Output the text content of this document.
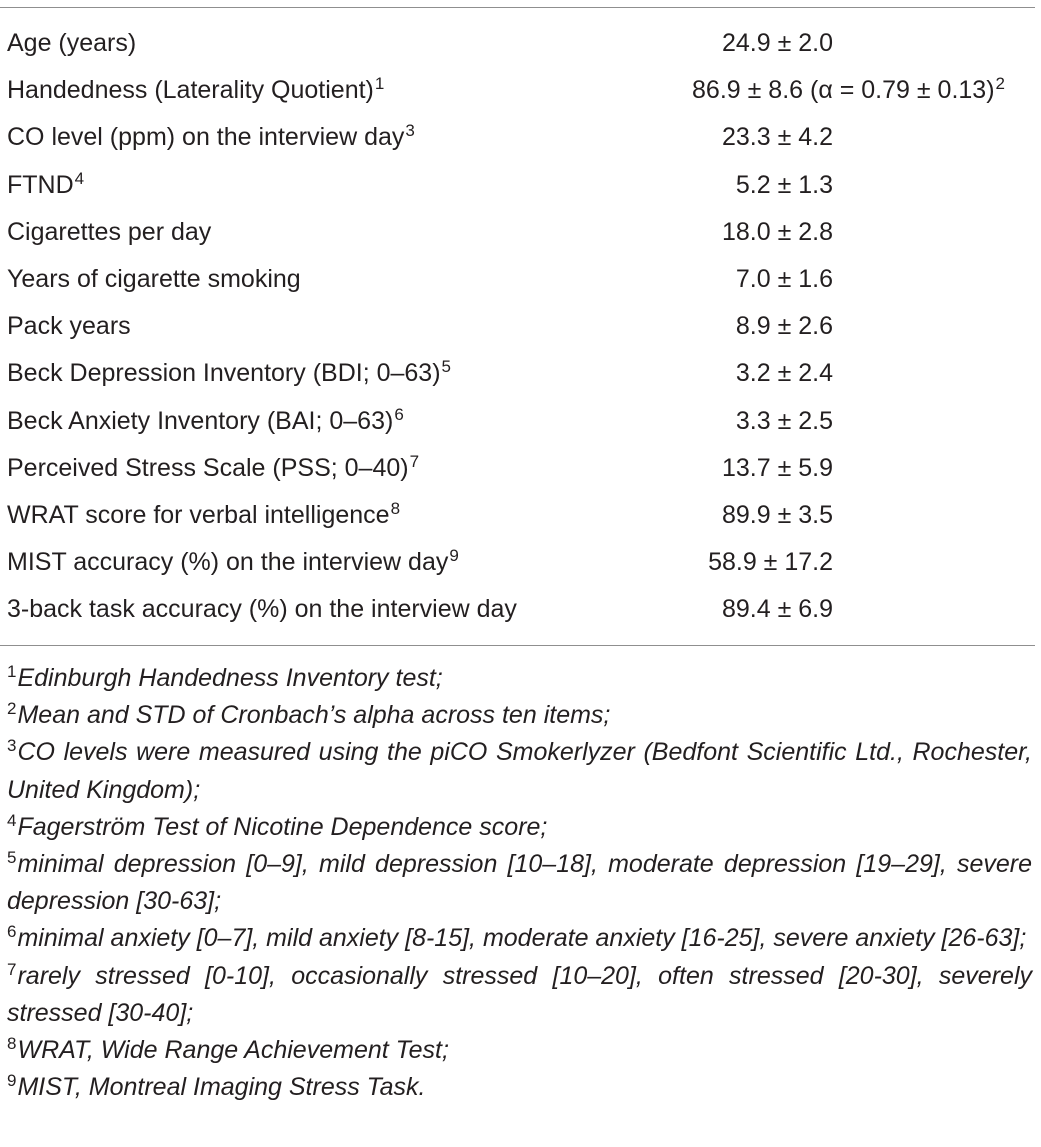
Age (years)	24.9 ± 2.0
Handedness (Laterality Quotient)$^1$	86.9 ± 8.6 (α = 0.79 ± 0.13)$^2$
CO level (ppm) on the interview day$^3$	23.3 ± 4.2
FTND$^4$	5.2 ± 1.3
Cigarettes per day	18.0 ± 2.8
Years of cigarette smoking	7.0 ± 1.6
Pack years	8.9 ± 2.6
Beck Depression Inventory (BDI; 0–63)$^5$	3.2 ± 2.4
Beck Anxiety Inventory (BAI; 0–63)$^6$	3.3 ± 2.5
Perceived Stress Scale (PSS; 0–40)$^7$	13.7 ± 5.9
WRAT score for verbal intelligence$^8$	89.9 ± 3.5
MIST accuracy (%) on the interview day$^9$	58.9 ± 17.2
3-back task accuracy (%) on the interview day	89.4 ± 6.9
$^1$Edinburgh Handedness Inventory test;
$^2$Mean and STD of Cronbach’s alpha across ten items;
$^3$CO levels were measured using the piCO Smokerlyzer (Bedfont Scientific Ltd., Rochester, United Kingdom);
$^4$Fagerström Test of Nicotine Dependence score;
$^5$minimal depression [0–9], mild depression [10–18], moderate depression [19–29], severe depression [30-63];
$^6$minimal anxiety [0–7], mild anxiety [8-15], moderate anxiety [16-25], severe anxiety [26-63];
$^7$rarely stressed [0-10], occasionally stressed [10–20], often stressed [20-30], severely stressed [30-40];
$^8$WRAT, Wide Range Achievement Test;
$^9$MIST, Montreal Imaging Stress Task.
